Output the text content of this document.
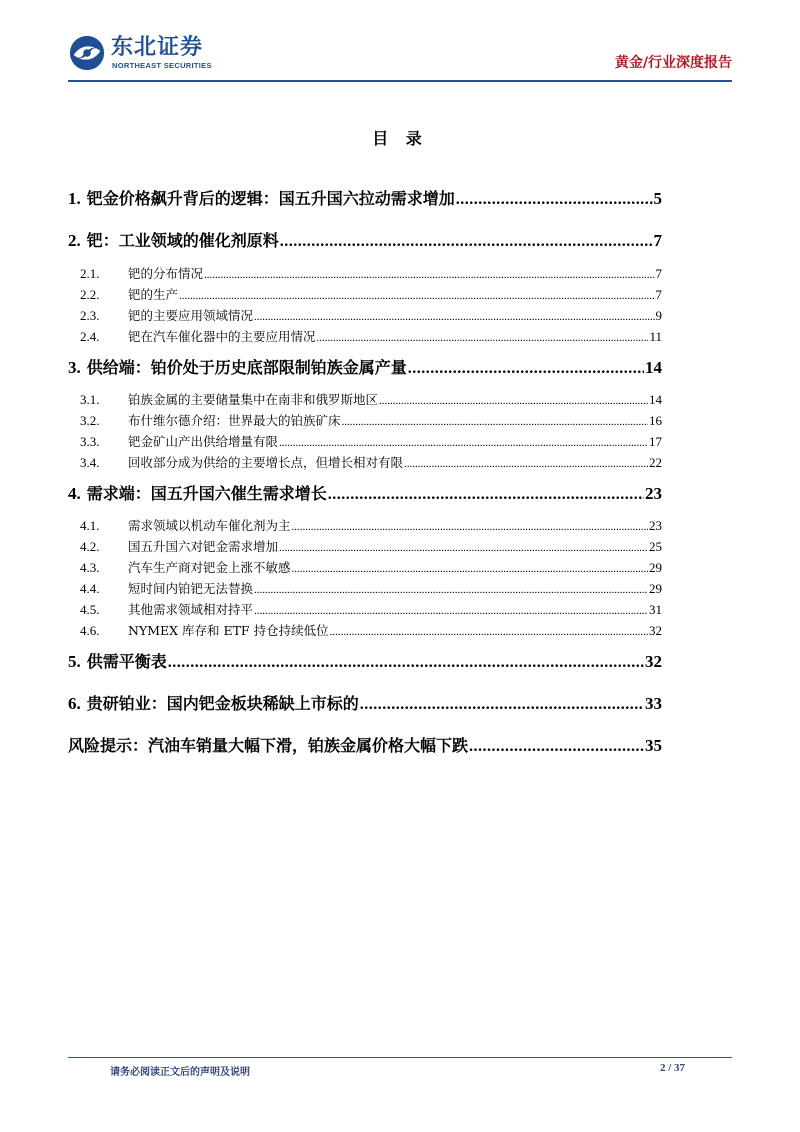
东北证券
NORTHEAST SECURITIES	黄金/行业深度报告
目 录
1. 钯金价格飙升背后的逻辑：国五升国六拉动需求增加 .....	5
2. 钯：工业领域的催化剂原料 .....	7
2.1. 钯的分布情况 .....	7
2.2. 钯的生产 .....	7
2.3. 钯的主要应用领域情况 .....	9
2.4. 钯在汽车催化器中的主要应用情况 .....	11
3. 供给端：铂价处于历史底部限制铂族金属产量 .....	14
3.1. 铂族金属的主要储量集中在南非和俄罗斯地区 .....	14
3.2. 布什维尔德介绍：世界最大的铂族矿床 .....	16
3.3. 钯金矿山产出供给增量有限 .....	17
3.4. 回收部分成为供给的主要增长点，但增长相对有限 .....	22
4. 需求端：国五升国六催生需求增长 .....	23
4.1. 需求领域以机动车催化剂为主 .....	23
4.2. 国五升国六对钯金需求增加 .....	25
4.3. 汽车生产商对钯金上涨不敏感 .....	29
4.4. 短时间内铂钯无法替换 .....	29
4.5. 其他需求领域相对持平 .....	31
4.6. NYMEX 库存和 ETF 持仓持续低位 .....	32
5. 供需平衡表 .....	32
6. 贵研铂业：国内钯金板块稀缺上市标的 .....	33
风险提示：汽油车销量大幅下滑，铂族金属价格大幅下跌 .....	35
请务必阅读正文后的声明及说明	2 / 37
